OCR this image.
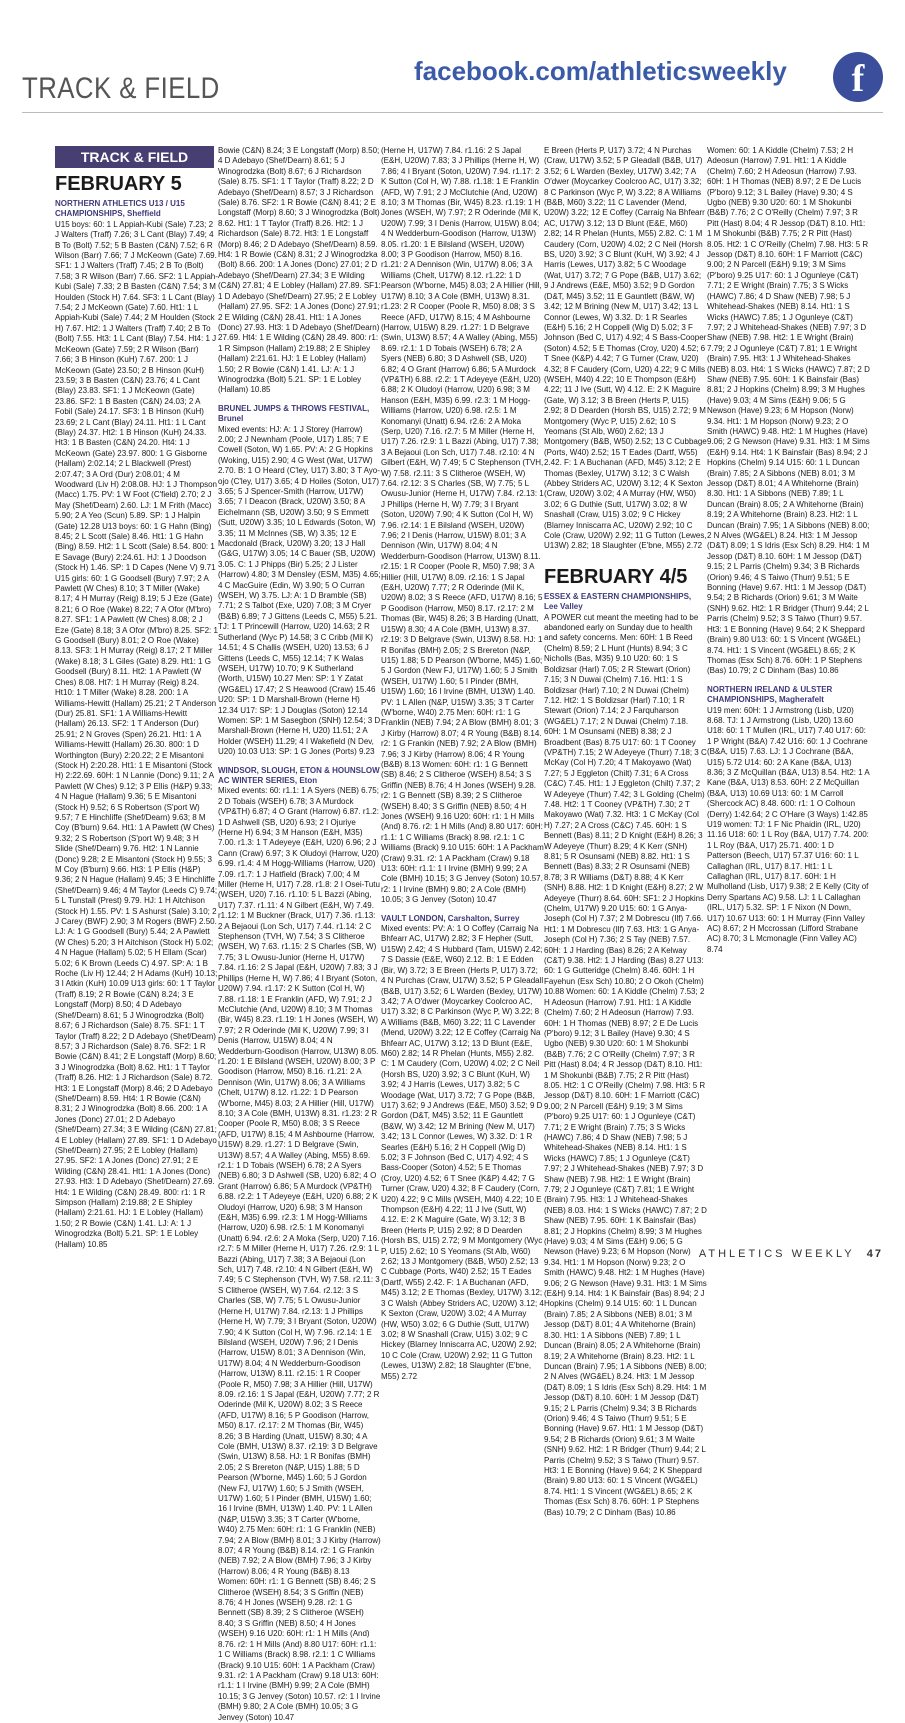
TRACK & FIELD
facebook.com/athleticsweekly	f
TRACK & FIELD
FEBRUARY 5
NORTHERN ATHLETICS U13 / U15 CHAMPIONSHIPS, Sheffield
U15 boys: 60: 1 L Appiah-Kubi (Sale) 7.23; 2 J Walters (Traff) 7.26; 3 L Cant (Blay) 7.49; 4 B To (Bolt) 7.52; 5 B Basten (C&N) 7.52; 6 R Wilson (Barr) 7.66; 7 J McKeown (Gate) 7.69. SF1: 1 J Walters (Traff) 7.45; 2 B To (Bolt) 7.58; 3 R Wilson (Barr) 7.66. SF2: 1 L Appiah-Kubi (Sale) 7.33; 2 B Basten (C&N) 7.54; 3 M Houlden (Stock H) 7.64. SF3: 1 L Cant (Blay) 7.54; 2 J McKeown (Gate) 7.60. Ht1: 1 L Appiah-Kubi (Sale) 7.44; 2 M Houlden (Stock H) 7.67. Ht2: 1 J Walters (Traff) 7.40; 2 B To (Bolt) 7.55. Ht3: 1 L Cant (Blay) 7.54. Ht4: 1 J McKeown (Gate) 7.59; 2 R Wilson (Barr) 7.66; 3 B Hinson (KuH) 7.67. 200: 1 J McKeown (Gate) 23.50; 2 B Hinson (KuH) 23.59; 3 B Basten (C&N) 23.76; 4 L Cant (Blay) 23.83. SF1: 1 J McKeown (Gate) 23.86. SF2: 1 B Basten (C&N) 24.03; 2 A Fobil (Sale) 24.17. SF3: 1 B Hinson (KuH) 23.69; 2 L Cant (Blay) 24.11. Ht1: 1 L Cant (Blay) 24.37. Ht2: 1 B Hinson (KuH) 24.33. Ht3: 1 B Basten (C&N) 24.20. Ht4: 1 J McKeown (Gate) 23.97. 800: 1 G Gisborne (Hallam) 2:02.14; 2 L Blackwell (Prest) 2:07.47; 3 A Ord (Dur) 2:08.01; 4 M Woodward (Liv H) 2:08.08. HJ: 1 J Thompson (Macc) 1.75. PV: 1 W Foot (C'field) 2.70; 2 J May (Shef/Dearn) 2.60. LJ: 1 M Frith (Macc) 5.90; 2 A Yeo (Scun) 5.89. SP: 1 J Halpin (Gate) 12.28 U13 boys: 60: 1 G Hahn (Bing) 8.45; 2 L Scott (Sale) 8.46. Ht1: 1 G Hahn (Bing) 8.59. Ht2: 1 L Scott (Sale) 8.54. 800: 1 E Savage (Bury) 2:24.61. HJ: 1 J Doodson (Stock H) 1.46. SP: 1 D Capes (Nene V) 9.71 U15 girls: 60: 1 G Goodsell (Bury) 7.97; 2 A Pawlett (W Ches) 8.10; 3 T Miller (Wake) 8.17; 4 H Murray (Reig) 8.19; 5 J Eze (Gate) 8.21; 6 O Roe (Wake) 8.22; 7 A Ofor (M'bro) 8.27. SF1: 1 A Pawlett (W Ches) 8.08; 2 J Eze (Gate) 8.18; 3 A Ofor (M'bro) 8.25. SF2: 1 G Goodsell (Bury) 8.01; 2 O Roe (Wake) 8.13. SF3: 1 H Murray (Reig) 8.17; 2 T Miller (Wake) 8.18; 3 L Giles (Gate) 8.29. Ht1: 1 G Goodsell (Bury) 8.11. Ht2: 1 A Pawlett (W Ches) 8.08. Ht7: 1 H Murray (Reig) 8.24. Ht10: 1 T Miller (Wake) 8.28. 200: 1 A Williams-Hewitt (Hallam) 25.21; 2 T Anderson (Dur) 25.81. SF1: 1 A Williams-Hewitt (Hallam) 26.13. SF2: 1 T Anderson (Dur) 25.91; 2 N Groves (Spen) 26.21. Ht1: 1 A Williams-Hewitt (Hallam) 26.30. 800: 1 D Worthington (Bury) 2:20.22; 2 E Misantoni (Stock H) 2:20.28. Ht1: 1 E Misantoni (Stock H) 2:22.69. 60H: 1 N Lannie (Donc) 9.11; 2 A Pawlett (W Ches) 9.12; 3 P Ellis (H&P) 9.33; 4 N Hague (Hallam) 9.36; 5 E Misantoni (Stock H) 9.52; 6 S Robertson (S'port W) 9.57; 7 E Hinchliffe (Shef/Dearn) 9.63; 8 M Coy (B'burn) 9.64. Ht1: 1 A Pawlett (W Ches) 9.32; 2 S Robertson (S'port W) 9.48; 3 H Slide (Shef/Dearn) 9.76. Ht2: 1 N Lannie (Donc) 9.28; 2 E Misantoni (Stock H) 9.55; 3 M Coy (B'burn) 9.66. Ht3: 1 P Ellis (H&P) 9.36; 2 N Hague (Hallam) 9.45; 3 E Hinchliffe (Shef/Dearn) 9.46; 4 M Taylor (Leeds C) 9.74; 5 L Tunstall (Prest) 9.79. HJ: 1 H Aitchison (Stock H) 1.55. PV: 1 S Ashurst (Sale) 3.10; 2 J Carey (BWF) 2.90; 3 M Rogers (BWF) 2.50. LJ: A: 1 G Goodsell (Bury) 5.44; 2 A Pawlett (W Ches) 5.20; 3 H Aitchison (Stock H) 5.02; 4 N Hague (Hallam) 5.02; 5 H Ellam (Scar) 5.02; 6 K Brown (Leeds C) 4.97. SP: A: 1 B Roche (Liv H) 12.44; 2 H Adams (KuH) 10.13; 3 I Atkin (KuH) 10.09 U13 girls: 60: 1 T Taylor (Traff) 8.19; 2 R Bowie (C&N) 8.24; 3 E Longstaff (Morp) 8.50; 4 D Adebayo (Shef/Dearn) 8.61; 5 J Winogrodzka (Bolt) 8.67; 6 J Richardson (Sale) 8.75. SF1: 1 T Taylor (Traff) 8.22; 2 D Adebayo (Shef/Dearn) 8.57; 3 J Richardson (Sale) 8.76. SF2: 1 R Bowie (C&N) 8.41; 2 E Longstaff (Morp) 8.60; 3 J Winogrodzka (Bolt) 8.62. Ht1: 1 T Taylor (Traff) 8.26. Ht2: 1 J Richardson (Sale) 8.72. Ht3: 1 E Longstaff (Morp) 8.46; 2 D Adebayo (Shef/Dearn) 8.59. Ht4: 1 R Bowie (C&N) 8.31; 2 J Winogrodzka (Bolt) 8.66. 200: 1 A Jones (Donc) 27.01; 2 D Adebayo (Shef/Dearn) 27.34; 3 E Wilding (C&N) 27.81; 4 E Lobley (Hallam) 27.89. SF1: 1 D Adebayo (Shef/Dearn) 27.95; 2 E Lobley (Hallam) 27.95. SF2: 1 A Jones (Donc) 27.91; 2 E Wilding (C&N) 28.41. Ht1: 1 A Jones (Donc) 27.93. Ht3: 1 D Adebayo (Shef/Dearn) 27.69. Ht4: 1 E Wilding (C&N) 28.49. 800: r1: 1 R Simpson (Hallam) 2:19.88; 2 E Shipley (Hallam) 2:21.61. HJ: 1 E Lobley (Hallam) 1.50; 2 R Bowie (C&N) 1.41. LJ: A: 1 J Winogrodzka (Bolt) 5.21. SP: 1 E Lobley (Hallam) 10.85
Bowie (C&N) 8.24; 3 E Longstaff (Morp) 8.50; 4 D Adebayo (Shef/Dearn) 8.61; 5 J Winogrodzka (Bolt) 8.67; 6 J Richardson (Sale) 8.75. SF1: 1 T Taylor (Traff) 8.22; 2 D Adebayo (Shef/Dearn) 8.57; 3 J Richardson (Sale) 8.76. SF2: 1 R Bowie (C&N) 8.41; 2 E Longstaff (Morp) 8.60; 3 J Winogrodzka (Bolt) 8.62. Ht1: 1 T Taylor (Traff) 8.26. Ht2: 1 J Richardson (Sale) 8.72. Ht3: 1 E Longstaff (Morp) 8.46; 2 D Adebayo (Shef/Dearn) 8.59. Ht4: 1 R Bowie (C&N) 8.31; 2 J Winogrodzka (Bolt) 8.66. 200: 1 A Jones (Donc) 27.01; 2 D Adebayo (Shef/Dearn) 27.34; 3 E Wilding (C&N) 27.81; 4 E Lobley (Hallam) 27.89. SF1: 1 D Adebayo (Shef/Dearn) 27.95; 2 E Lobley (Hallam) 27.95. SF2: 1 A Jones (Donc) 27.91; 2 E Wilding (C&N) 28.41. Ht1: 1 A Jones (Donc) 27.93. Ht3: 1 D Adebayo (Shef/Dearn) 27.69. Ht4: 1 E Wilding (C&N) 28.49. 800: r1: 1 R Simpson (Hallam) 2:19.88; 2 E Shipley (Hallam) 2:21.61. HJ: 1 E Lobley (Hallam) 1.50; 2 R Bowie (C&N) 1.41. LJ: A: 1 J Winogrodzka (Bolt) 5.21. SP: 1 E Lobley (Hallam) 10.85
BRUNEL JUMPS & THROWS FESTIVAL, Brunel
Mixed events: HJ: A: 1 J Storey (Harrow) 2.00; 2 J Newnham (Poole, U17) 1.85; 7 E Cowell (Soton, W) 1.65. PV: A: 2 G Hopkins (Woking, U15) 2.90; 4 G West (Wat, U17W) 2.70. B: 1 O Heard (C'ley, U17) 3.80; 3 T Ayo-ojo (C'ley, U17) 3.65; 4 D Hoiles (Soton, U17) 3.65; 5 J Spencer-Smith (Harrow, U17W) 3.65; 7 I Deacon (Brack, U20W) 3.50; 8 A Eichelmann (SB, U20W) 3.50; 9 S Emmett (Sutt, U20W) 3.35; 10 L Edwards (Soton, W) 3.35; 11 M McInnes (SB, W) 3.35; 12 E Macdonald (Brack, U20W) 3.20; 13 J Hall (G&G, U17W) 3.05; 14 C Bauer (SB, U20W) 3.05. C: 1 J Phipps (Bir) 5.25; 2 J Lister (Harrow) 4.80; 3 M Densley (ESM, M35) 4.65; 4 C MacGuire (Edin, W) 3.90; 5 O Curran (WSEH, W) 3.75. LJ: A: 1 D Bramble (SB) 7.71; 2 S Talbot (Exe, U20) 7.08; 3 M Cryer (B&B) 6.89; 7 J Gittens (Leeds C, M55) 5.21. TJ: 1 T Princewill (Harrow, U20) 14.63; 2 R Sutherland (Wyc P) 14.58; 3 C Cribb (Mil K) 14.51; 4 S Challis (WSEH, U20) 13.53; 6 J Gittens (Leeds C, M55) 12.14; 7 K Walas (WSEH, U17W) 10.70; 9 K Sutherland (Worth, U15W) 10.27 Men: SP: 1 Y Zatat (WG&EL) 17.47; 2 S Heawood (Craw) 15.46 U20: SP: 1 D Marshall-Brown (Herne H) 12.34 U17: SP: 1 J Douglas (Soton) 12.14 Women: SP: 1 M Sasegbon (SNH) 12.54; 3 D Marshall-Brown (Herne H, U20) 11.51; 2 A Holder (WSEH) 11.29; 4 I Wakefield (N Dev, U20) 10.03 U13: SP: 1 G Jones (Ports) 9.23
WINDSOR, SLOUGH, ETON & HOUNSLOW AC WINTER SERIES, Eton
Mixed events: 60: r1.1: 1 A Syers (NEB) 6.75; 2 D Tobais (WSEH) 6.78; 3 A Murdock (VP&TH) 6.87; 4 O Grant (Harrow) 6.87. r1.2: 1 D Ashwell (SB, U20) 6.93; 2 I Ojuriye (Herne H) 6.94; 3 M Hanson (E&H, M35) 7.00. r1.3: 1 T Adeyeye (E&H, U20) 6.96; 2 J Cann (Craw) 6.97; 3 K Oludoyi (Harrow, U20) 6.99. r1.4: 4 M Hogg-Williams (Harrow, U20) 7.09. r1.7: 1 J Hatfield (Brack) 7.00; 4 M Miller (Herne H, U17) 7.28. r1.8: 2 I Osei-Tutu (WSEH, U20) 7.16. r1.10: 5 L Bazzi (Abing, U17) 7.37. r1.11: 4 N Gilbert (E&H, W) 7.49. r1.12: 1 M Buckner (Brack, U17) 7.36. r1.13: 2 A Bejaoui (Lon Sch, U17) 7.44. r1.14: 2 C Stephenson (TVH, W) 7.54; 3 S Clitheroe (WSEH, W) 7.63. r1.15: 2 S Charles (SB, W) 7.75; 3 L Owusu-Junior (Herne H, U17W) 7.84. r1.16: 2 S Japal (E&H, U20W) 7.83; 3 J Phillips (Herne H, W) 7.86; 4 I Bryant (Soton, U20W) 7.94. r1.17: 2 K Sutton (Col H, W) 7.88. r1.18: 1 E Franklin (AFD, W) 7.91; 2 J McClutchie (And, U20W) 8.10; 3 M Thomas (Bir, W45) 8.23. r1.19: 1 H Jones (WSEH, W) 7.97; 2 R Oderinde (Mil K, U20W) 7.99; 3 I Denis (Harrow, U15W) 8.04; 4 N Wedderburn-Goodison (Harrow, U13W) 8.05. r1.20: 1 E Bilsland (WSEH, U20W) 8.00; 3 P Goodison (Harrow, M50) 8.16. r1.21: 2 A Dennison (Win, U17W) 8.06; 3 A Williams (Chelt, U17W) 8.12. r1.22: 1 D Pearson (W'borne, M45) 8.03; 2 A Hillier (Hill, U17W) 8.10; 3 A Cole (BMH, U13W) 8.31. r1.23: 2 R Cooper (Poole R, M50) 8.08; 3 S Reece (AFD, U17W) 8.15; 4 M Ashbourne (Harrow, U15W) 8.29. r1.27: 1 D Belgrave (Swin, U13W) 8.57; 4 A Walley (Abing, M55) 8.69. r2.1: 1 D Tobais (WSEH) 6.78; 2 A Syers (NEB) 6.80; 3 D Ashwell (SB, U20) 6.82; 4 O Grant (Harrow) 6.86; 5 A Murdock (VP&TH) 6.88. r2.2: 1 T Adeyeye (E&H, U20) 6.88; 2 K Oludoyi (Harrow, U20) 6.98; 3 M Hanson (E&H, M35) 6.99. r2.3: 1 M Hogg-Williams (Harrow, U20) 6.98. r2.5: 1 M Konomanyi (Unatt) 6.94. r2.6: 2 A Moka (Serp, U20) 7.16. r2.7: 5 M Miller (Herne H, U17) 7.26. r2.9: 1 L Bazzi (Abing, U17) 7.38; 3 A Bejaoui (Lon Sch, U17) 7.48. r2.10: 4 N Gilbert (E&H, W) 7.49; 5 C Stephenson (TVH, W) 7.58. r2.11: 3 S Clitheroe (WSEH, W) 7.64. r2.12: 3 S Charles (SB, W) 7.75; 5 L Owusu-Junior (Herne H, U17W) 7.84. r2.13: 1 J Phillips (Herne H, W) 7.79; 3 I Bryant (Soton, U20W) 7.90; 4 K Sutton (Col H, W) 7.96. r2.14: 1 E Bilsland (WSEH, U20W) 7.96; 2 I Denis (Harrow, U15W) 8.01; 3 A Dennison (Win, U17W) 8.04; 4 N Wedderburn-Goodison (Harrow, U13W) 8.11. r2.15: 1 R Cooper (Poole R, M50) 7.98; 3 A Hillier (Hill, U17W) 8.09. r2.16: 1 S Japal (E&H, U20W) 7.77; 2 R Oderinde (Mil K, U20W) 8.02; 3 S Reece (AFD, U17W) 8.16; 5 P Goodison (Harrow, M50) 8.17. r2.17: 2 M Thomas (Bir, W45) 8.26; 3 B Harding (Unatt, U15W) 8.30; 4 A Cole (BMH, U13W) 8.37. r2.19: 3 D Belgrave (Swin, U13W) 8.58. HJ: 1 R Bonifas (BMH) 2.05; 2 S Brereton (N&P, U15) 1.88; 5 D Pearson (W'borne, M45) 1.60; 5 J Gordon (New FJ, U17W) 1.60; 5 J Smith (WSEH, U17W) 1.60; 5 I Pinder (BMH, U15W) 1.60; 16 I Irvine (BMH, U13W) 1.40. PV: 1 L Allen (N&P, U15W) 3.35; 3 T Carter (W'borne, W40) 2.75 Men: 60H: r1: 1 G Franklin (NEB) 7.94; 2 A Blow (BMH) 8.01; 3 J Kirby (Harrow) 8.07; 4 R Young (B&B) 8.14. r2: 1 G Frankin (NEB) 7.92; 2 A Blow (BMH) 7.96; 3 J Kirby (Harrow) 8.06; 4 R Young (B&B) 8.13 Women: 60H: r1: 1 G Bennett (SB) 8.46; 2 S Clitheroe (WSEH) 8.54; 3 S Griffin (NEB) 8.76; 4 H Jones (WSEH) 9.28. r2: 1 G Bennett (SB) 8.39; 2 S Clitheroe (WSEH) 8.40; 3 S Griffin (NEB) 8.50; 4 H Jones (WSEH) 9.16 U20: 60H: r1: 1 H Mills (And) 8.76. r2: 1 H Mills (And) 8.80 U17: 60H: r1.1: 1 C Williams (Brack) 8.98. r2.1: 1 C Williams (Brack) 9.10 U15: 60H: 1 A Packham (Craw) 9.31. r2: 1 A Packham (Craw) 9.18 U13: 60H: r1.1: 1 I Irvine (BMH) 9.99; 2 A Cole (BMH) 10.15; 3 G Jenvey (Soton) 10.57. r2: 1 I Irvine (BMH) 9.80; 2 A Cole (BMH) 10.05; 3 G Jenvey (Soton) 10.47
(Herne H, U17W) 7.84. r1.16: 2 S Japal (E&H, U20W) 7.83; 3 J Phillips (Herne H, W) 7.86; 4 I Bryant (Soton, U20W) 7.94. r1.17: 2 K Sutton (Col H, W) 7.88. r1.18: 1 E Franklin (AFD, W) 7.91; 2 J McClutchie (And, U20W) 8.10; 3 M Thomas (Bir, W45) 8.23. r1.19: 1 H Jones (WSEH, W) 7.97; 2 R Oderinde (Mil K, U20W) 7.99; 3 I Denis (Harrow, U15W) 8.04; 4 N Wedderburn-Goodison (Harrow, U13W) 8.05. r1.20: 1 E Bilsland (WSEH, U20W) 8.00; 3 P Goodison (Harrow, M50) 8.16. r1.21: 2 A Dennison (Win, U17W) 8.06; 3 A Williams (Chelt, U17W) 8.12. r1.22: 1 D Pearson (W'borne, M45) 8.03; 2 A Hillier (Hill, U17W) 8.10; 3 A Cole (BMH, U13W) 8.31. r1.23: 2 R Cooper (Poole R, M50) 8.08; 3 S Reece (AFD, U17W) 8.15; 4 M Ashbourne (Harrow, U15W) 8.29. r1.27: 1 D Belgrave (Swin, U13W) 8.57; 4 A Walley (Abing, M55) 8.69. r2.1: 1 D Tobais (WSEH) 6.78; 2 A Syers (NEB) 6.80; 3 D Ashwell (SB, U20) 6.82; 4 O Grant (Harrow) 6.86; 5 A Murdock (VP&TH) 6.88. r2.2: 1 T Adeyeye (E&H, U20) 6.88; 2 K Oludoyi (Harrow, U20) 6.98; 3 M Hanson (E&H, M35) 6.99. r2.3: 1 M Hogg-Williams (Harrow, U20) 6.98. r2.5: 1 M Konomanyi (Unatt) 6.94. r2.6: 2 A Moka (Serp, U20) 7.16. r2.7: 5 M Miller (Herne H, U17) 7.26. r2.9: 1 L Bazzi (Abing, U17) 7.38; 3 A Bejaoui (Lon Sch, U17) 7.48. r2.10: 4 N Gilbert (E&H, W) 7.49; 5 C Stephenson (TVH, W) 7.58. r2.11: 3 S Clitheroe (WSEH, W) 7.64. r2.12: 3 S Charles (SB, W) 7.75; 5 L Owusu-Junior (Herne H, U17W) 7.84. r2.13: 1 J Phillips (Herne H, W) 7.79; 3 I Bryant (Soton, U20W) 7.90; 4 K Sutton (Col H, W) 7.96. r2.14: 1 E Bilsland (WSEH, U20W) 7.96; 2 I Denis (Harrow, U15W) 8.01; 3 A Dennison (Win, U17W) 8.04; 4 N Wedderburn-Goodison (Harrow, U13W) 8.11. r2.15: 1 R Cooper (Poole R, M50) 7.98; 3 A Hillier (Hill, U17W) 8.09. r2.16: 1 S Japal (E&H, U20W) 7.77; 2 R Oderinde (Mil K, U20W) 8.02; 3 S Reece (AFD, U17W) 8.16; 5 P Goodison (Harrow, M50) 8.17. r2.17: 2 M Thomas (Bir, W45) 8.26; 3 B Harding (Unatt, U15W) 8.30; 4 A Cole (BMH, U13W) 8.37. r2.19: 3 D Belgrave (Swin, U13W) 8.58. HJ: 1 R Bonifas (BMH) 2.05; 2 S Brereton (N&P, U15) 1.88; 5 D Pearson (W'borne, M45) 1.60; 5 J Gordon (New FJ, U17W) 1.60; 5 J Smith (WSEH, U17W) 1.60; 5 I Pinder (BMH, U15W) 1.60; 16 I Irvine (BMH, U13W) 1.40. PV: 1 L Allen (N&P, U15W) 3.35; 3 T Carter (W'borne, W40) 2.75 Men: 60H: r1: 1 G Franklin (NEB) 7.94; 2 A Blow (BMH) 8.01; 3 J Kirby (Harrow) 8.07; 4 R Young (B&B) 8.14. r2: 1 G Frankin (NEB) 7.92; 2 A Blow (BMH) 7.96; 3 J Kirby (Harrow) 8.06; 4 R Young (B&B) 8.13 Women: 60H: r1: 1 G Bennett (SB) 8.46; 2 S Clitheroe (WSEH) 8.54; 3 S Griffin (NEB) 8.76; 4 H Jones (WSEH) 9.28. r2: 1 G Bennett (SB) 8.39; 2 S Clitheroe (WSEH) 8.40; 3 S Griffin (NEB) 8.50; 4 H Jones (WSEH) 9.16 U20: 60H: r1: 1 H Mills (And) 8.76. r2: 1 H Mills (And) 8.80 U17: 60H: r1.1: 1 C Williams (Brack) 8.98. r2.1: 1 C Williams (Brack) 9.10 U15: 60H: 1 A Packham (Craw) 9.31. r2: 1 A Packham (Craw) 9.18 U13: 60H: r1.1: 1 I Irvine (BMH) 9.99; 2 A Cole (BMH) 10.15; 3 G Jenvey (Soton) 10.57. r2: 1 I Irvine (BMH) 9.80; 2 A Cole (BMH) 10.05; 3 G Jenvey (Soton) 10.47
VAULT LONDON, Carshalton, Surrey
Mixed events: PV: A: 1 O Coffey (Carraig Na Bhfearr AC, U17W) 2.82; 3 F Hepher (Sutt, U15W) 2.42; 4 S Hubbard (Tam, U15W) 2.42; 7 S Dassie (E&E, W60) 2.12. B: 1 E Edden (Bir, W) 3.72; 3 E Breen (Herts P, U17) 3.72; 4 N Purchas (Craw, U17W) 3.52; 5 P Gleadall (B&B, U17) 3.52; 6 L Warden (Bexley, U17W) 3.42; 7 A O'dwer (Moycarkey Coolcroo AC, U17) 3.32; 8 C Parkinson (Wyc P, W) 3.22; 8 A Williams (B&B, M60) 3.22; 11 C Lavender (Mend, U20W) 3.22; 12 E Coffey (Carraig Na Bhfearr AC, U17W) 3.12; 13 D Blunt (E&E, M60) 2.82; 14 R Phelan (Hunts, M55) 2.82. C: 1 M Caudery (Corn, U20W) 4.02; 2 C Neil (Horsh BS, U20) 3.92; 3 C Blunt (KuH, W) 3.92; 4 J Harris (Lewes, U17) 3.82; 5 C Woodage (Wat, U17) 3.72; 7 G Pope (B&B, U17) 3.62; 9 J Andrews (E&E, M50) 3.52; 9 D Gordon (D&T, M45) 3.52; 11 E Gauntlett (B&W, W) 3.42; 12 M Brining (New M, U17) 3.42; 13 L Connor (Lewes, W) 3.32. D: 1 R Searles (E&H) 5.16; 2 H Coppell (Wig D) 5.02; 3 F Johnson (Bed C, U17) 4.92; 4 S Bass-Cooper (Soton) 4.52; 5 E Thomas (Croy, U20) 4.52; 6 T Snee (K&P) 4.42; 7 G Turner (Craw, U20) 4.32; 8 F Caudery (Corn, U20) 4.22; 9 C Mills (WSEH, M40) 4.22; 10 E Thompson (E&H) 4.22; 11 J Ive (Sutt, W) 4.12. E: 2 K Maguire (Gate, W) 3.12; 3 B Breen (Herts P, U15) 2.92; 8 D Dearden (Horsh BS, U15) 2.72; 9 M Montgomery (Wyc P, U15) 2.62; 10 S Yeomans (St Alb, W60) 2.62; 13 J Montgomery (B&B, W50) 2.52; 13 C Cubbage (Ports, W40) 2.52; 15 T Eades (Dartf, W55) 2.42. F: 1 A Buchanan (AFD, M45) 3.12; 2 E Thomas (Bexley, U17W) 3.12; 3 C Walsh (Abbey Striders AC, U20W) 3.12; 4 K Sexton (Craw, U20W) 3.02; 4 A Murray (HW, W50) 3.02; 6 G Duthie (Sutt, U17W) 3.02; 8 W Snashall (Craw, U15) 3.02; 9 C Hickey (Blarney Inniscarra AC, U20W) 2.92; 10 C Cole (Craw, U20W) 2.92; 11 G Tutton (Lewes, U13W) 2.82; 18 Slaughter (E'bne, M55) 2.72
E Breen (Herts P, U17) 3.72; 4 N Purchas (Craw, U17W) 3.52; 5 P Gleadall (B&B, U17) 3.52; 6 L Warden (Bexley, U17W) 3.42; 7 A O'dwer (Moycarkey Coolcroo AC, U17) 3.32; 8 C Parkinson (Wyc P, W) 3.22; 8 A Williams (B&B, M60) 3.22; 11 C Lavender (Mend, U20W) 3.22; 12 E Coffey (Carraig Na Bhfearr AC, U17W) 3.12; 13 D Blunt (E&E, M60) 2.82; 14 R Phelan (Hunts, M55) 2.82. C: 1 M Caudery (Corn, U20W) 4.02; 2 C Neil (Horsh BS, U20) 3.92; 3 C Blunt (KuH, W) 3.92; 4 J Harris (Lewes, U17) 3.82; 5 C Woodage (Wat, U17) 3.72; 7 G Pope (B&B, U17) 3.62; 9 J Andrews (E&E, M50) 3.52; 9 D Gordon (D&T, M45) 3.52; 11 E Gauntlett (B&W, W) 3.42; 12 M Brining (New M, U17) 3.42; 13 L Connor (Lewes, W) 3.32. D: 1 R Searles (E&H) 5.16; 2 H Coppell (Wig D) 5.02; 3 F Johnson (Bed C, U17) 4.92; 4 S Bass-Cooper (Soton) 4.52; 5 E Thomas (Croy, U20) 4.52; 6 T Snee (K&P) 4.42; 7 G Turner (Craw, U20) 4.32; 8 F Caudery (Corn, U20) 4.22; 9 C Mills (WSEH, M40) 4.22; 10 E Thompson (E&H) 4.22; 11 J Ive (Sutt, W) 4.12. E: 2 K Maguire (Gate, W) 3.12; 3 B Breen (Herts P, U15) 2.92; 8 D Dearden (Horsh BS, U15) 2.72; 9 M Montgomery (Wyc P, U15) 2.62; 10 S Yeomans (St Alb, W60) 2.62; 13 J Montgomery (B&B, W50) 2.52; 13 C Cubbage (Ports, W40) 2.52; 15 T Eades (Dartf, W55) 2.42. F: 1 A Buchanan (AFD, M45) 3.12; 2 E Thomas (Bexley, U17W) 3.12; 3 C Walsh (Abbey Striders AC, U20W) 3.12; 4 K Sexton (Craw, U20W) 3.02; 4 A Murray (HW, W50) 3.02; 6 G Duthie (Sutt, U17W) 3.02; 8 W Snashall (Craw, U15) 3.02; 9 C Hickey (Blarney Inniscarra AC, U20W) 2.92; 10 C Cole (Craw, U20W) 2.92; 11 G Tutton (Lewes, U13W) 2.82; 18 Slaughter (E'bne, M55) 2.72
FEBRUARY 4/5
ESSEX & EASTERN CHAMPIONSHIPS, Lee Valley
A POWER cut meant the meeting had to be abandoned early on Sunday due to health and safety concerns. Men: 60H: 1 B Reed (Chelm) 8.59; 2 L Hunt (Hunts) 8.94; 3 C Nicholls (Bas, M35) 9.10 U20: 60: 1 S Boldizsar (Harl) 7.05; 2 R Stewart (Orion) 7.15; 3 N Duwai (Chelm) 7.16. Ht1: 1 S Boldizsar (Harl) 7.10; 2 N Duwai (Chelm) 7.12. Ht2: 1 S Boldizsar (Harl) 7.10; 1 R Stewart (Orion) 7.14; 2 J Farquharson (WG&EL) 7.17; 2 N Duwai (Chelm) 7.18. 60H: 1 M Osunsami (NEB) 8.38; 2 J Broadbent (Bas) 8.75 U17: 60: 1 T Cooney (VP&TH) 7.15; 2 W Adeyeye (Thurr) 7.18; 3 C McKay (Col H) 7.20; 4 T Makoyawo (Wat) 7.27; 5 J Eggleton (Chilt) 7.31; 6 A Cross (C&C) 7.45. Ht1: 1 J Eggleton (Chilt) 7.37; 2 W Adeyeye (Thurr) 7.42; 3 L Golding (Chelm) 7.48. Ht2: 1 T Cooney (VP&TH) 7.30; 2 T Makoyawo (Wat) 7.32. Ht3: 1 C McKay (Col H) 7.27; 2 A Cross (C&C) 7.45. 60H: 1 S Bennett (Bas) 8.11; 2 D Knight (E&H) 8.26; 3 W Adeyeye (Thurr) 8.29; 4 K Kerr (SNH) 8.81; 5 R Osunsami (NEB) 8.82. Ht1: 1 S Bennett (Bas) 8.33; 2 R Osunsami (NEB) 8.78; 3 R Williams (D&T) 8.88; 4 K Kerr (SNH) 8.88. Ht2: 1 D Knight (E&H) 8.27; 2 W Adeyeye (Thurr) 8.64. 60H: SF1: 2 J Hopkins (Chelm, U17W) 9.20 U15: 60: 1 G Anya-Joseph (Col H) 7.37; 2 M Dobrescu (Ilf) 7.66. Ht1: 1 M Dobrescu (Ilf) 7.63. Ht3: 1 G Anya-Joseph (Col H) 7.36; 2 S Tay (NEB) 7.57. 60H: 1 J Harding (Bas) 8.26; 2 A Kelway (C&T) 9.38. Ht2: 1 J Harding (Bas) 8.27 U13: 60: 1 G Gutteridge (Chelm) 8.46. 60H: 1 H Fayehun (Esx Sch) 10.80; 2 O Okoh (Chelm) 10.88 Women: 60: 1 A Kiddle (Chelm) 7.53; 2 H Adeosun (Harrow) 7.91. Ht1: 1 A Kiddle (Chelm) 7.60; 2 H Adeosun (Harrow) 7.93. 60H: 1 H Thomas (NEB) 8.97; 2 E De Lucis (P'boro) 9.12; 3 L Bailey (Have) 9.30; 4 S Ugbo (NEB) 9.30 U20: 60: 1 M Shokunbi (B&B) 7.76; 2 C O'Reilly (Chelm) 7.97; 3 R Pitt (Hast) 8.04; 4 R Jessop (D&T) 8.10. Ht1: 1 M Shokunbi (B&B) 7.75; 2 R Pitt (Hast) 8.05. Ht2: 1 C O'Reilly (Chelm) 7.98. Ht3: 5 R Jessop (D&T) 8.10. 60H: 1 F Marriott (C&C) 9.00; 2 N Parcell (E&H) 9.19; 3 M Sims (P'boro) 9.25 U17: 60: 1 J Ogunleye (C&T) 7.71; 2 E Wright (Brain) 7.75; 3 S Wicks (HAWC) 7.86; 4 D Shaw (NEB) 7.98; 5 J Whitehead-Shakes (NEB) 8.14. Ht1: 1 S Wicks (HAWC) 7.85; 1 J Ogunleye (C&T) 7.97; 2 J Whitehead-Shakes (NEB) 7.97; 3 D Shaw (NEB) 7.98. Ht2: 1 E Wright (Brain) 7.79; 2 J Ogunleye (C&T) 7.81; 1 E Wright (Brain) 7.95. Ht3: 1 J Whitehead-Shakes (NEB) 8.03. Ht4: 1 S Wicks (HAWC) 7.87; 2 D Shaw (NEB) 7.95. 60H: 1 K Bainsfair (Bas) 8.81; 2 J Hopkins (Chelm) 8.99; 3 M Hughes (Have) 9.03; 4 M Sims (E&H) 9.06; 5 G Newson (Have) 9.23; 6 M Hopson (Norw) 9.34. Ht1: 1 M Hopson (Norw) 9.23; 2 O Smith (HAWC) 9.48. Ht2: 1 M Hughes (Have) 9.06; 2 G Newson (Have) 9.31. Ht3: 1 M Sims (E&H) 9.14. Ht4: 1 K Bainsfair (Bas) 8.94; 2 J Hopkins (Chelm) 9.14 U15: 60: 1 L Duncan (Brain) 7.85; 2 A Sibbons (NEB) 8.01; 3 M Jessop (D&T) 8.01; 4 A Whitehorne (Brain) 8.30. Ht1: 1 A Sibbons (NEB) 7.89; 1 L Duncan (Brain) 8.05; 2 A Whitehorne (Brain) 8.19; 2 A Whitehorne (Brain) 8.23. Ht2: 1 L Duncan (Brain) 7.95; 1 A Sibbons (NEB) 8.00; 2 N Alves (WG&EL) 8.24. Ht3: 1 M Jessop (D&T) 8.09; 1 S Idris (Esx Sch) 8.29. Ht4: 1 M Jessop (D&T) 8.10. 60H: 1 M Jessop (D&T) 9.15; 2 L Parris (Chelm) 9.34; 3 B Richards (Orion) 9.46; 4 S Taiwo (Thurr) 9.51; 5 E Bonning (Have) 9.67. Ht1: 1 M Jessop (D&T) 9.54; 2 B Richards (Orion) 9.61; 3 M Waite (SNH) 9.62. Ht2: 1 R Bridger (Thurr) 9.44; 2 L Parris (Chelm) 9.52; 3 S Taiwo (Thurr) 9.57. Ht3: 1 E Bonning (Have) 9.64; 2 K Sheppard (Brain) 9.80 U13: 60: 1 S Vincent (WG&EL) 8.74. Ht1: 1 S Vincent (WG&EL) 8.65; 2 K Thomas (Esx Sch) 8.76. 60H: 1 P Stephens (Bas) 10.79; 2 C Dinham (Bas) 10.86
Women: 60: 1 A Kiddle (Chelm) 7.53; 2 H Adeosun (Harrow) 7.91. Ht1: 1 A Kiddle (Chelm) 7.60; 2 H Adeosun (Harrow) 7.93. 60H: 1 H Thomas (NEB) 8.97; 2 E De Lucis (P'boro) 9.12; 3 L Bailey (Have) 9.30; 4 S Ugbo (NEB) 9.30 U20: 60: 1 M Shokunbi (B&B) 7.76; 2 C O'Reilly (Chelm) 7.97; 3 R Pitt (Hast) 8.04; 4 R Jessop (D&T) 8.10. Ht1: 1 M Shokunbi (B&B) 7.75; 2 R Pitt (Hast) 8.05. Ht2: 1 C O'Reilly (Chelm) 7.98. Ht3: 5 R Jessop (D&T) 8.10. 60H: 1 F Marriott (C&C) 9.00; 2 N Parcell (E&H) 9.19; 3 M Sims (P'boro) 9.25 U17: 60: 1 J Ogunleye (C&T) 7.71; 2 E Wright (Brain) 7.75; 3 S Wicks (HAWC) 7.86; 4 D Shaw (NEB) 7.98; 5 J Whitehead-Shakes (NEB) 8.14. Ht1: 1 S Wicks (HAWC) 7.85; 1 J Ogunleye (C&T) 7.97; 2 J Whitehead-Shakes (NEB) 7.97; 3 D Shaw (NEB) 7.98. Ht2: 1 E Wright (Brain) 7.79; 2 J Ogunleye (C&T) 7.81; 1 E Wright (Brain) 7.95. Ht3: 1 J Whitehead-Shakes (NEB) 8.03. Ht4: 1 S Wicks (HAWC) 7.87; 2 D Shaw (NEB) 7.95. 60H: 1 K Bainsfair (Bas) 8.81; 2 J Hopkins (Chelm) 8.99; 3 M Hughes (Have) 9.03; 4 M Sims (E&H) 9.06; 5 G Newson (Have) 9.23; 6 M Hopson (Norw) 9.34. Ht1: 1 M Hopson (Norw) 9.23; 2 O Smith (HAWC) 9.48. Ht2: 1 M Hughes (Have) 9.06; 2 G Newson (Have) 9.31. Ht3: 1 M Sims (E&H) 9.14. Ht4: 1 K Bainsfair (Bas) 8.94; 2 J Hopkins (Chelm) 9.14 U15: 60: 1 L Duncan (Brain) 7.85; 2 A Sibbons (NEB) 8.01; 3 M Jessop (D&T) 8.01; 4 A Whitehorne (Brain) 8.30. Ht1: 1 A Sibbons (NEB) 7.89; 1 L Duncan (Brain) 8.05; 2 A Whitehorne (Brain) 8.19; 2 A Whitehorne (Brain) 8.23. Ht2: 1 L Duncan (Brain) 7.95; 1 A Sibbons (NEB) 8.00; 2 N Alves (WG&EL) 8.24. Ht3: 1 M Jessop (D&T) 8.09; 1 S Idris (Esx Sch) 8.29. Ht4: 1 M Jessop (D&T) 8.10. 60H: 1 M Jessop (D&T) 9.15; 2 L Parris (Chelm) 9.34; 3 B Richards (Orion) 9.46; 4 S Taiwo (Thurr) 9.51; 5 E Bonning (Have) 9.67. Ht1: 1 M Jessop (D&T) 9.54; 2 B Richards (Orion) 9.61; 3 M Waite (SNH) 9.62. Ht2: 1 R Bridger (Thurr) 9.44; 2 L Parris (Chelm) 9.52; 3 S Taiwo (Thurr) 9.57. Ht3: 1 E Bonning (Have) 9.64; 2 K Sheppard (Brain) 9.80 U13: 60: 1 S Vincent (WG&EL) 8.74. Ht1: 1 S Vincent (WG&EL) 8.65; 2 K Thomas (Esx Sch) 8.76. 60H: 1 P Stephens (Bas) 10.79; 2 C Dinham (Bas) 10.86
NORTHERN IRELAND & ULSTER CHAMPIONSHIPS, Magherafelt
U19 men: 60H: 1 J Armstrong (Lisb, U20) 8.68. TJ: 1 J Armstrong (Lisb, U20) 13.60 U18: 60: 1 T Mullen (IRL, U17) 7.40 U17: 60: 1 P Wright (B&A) 7.42 U16: 60: 1 J Cochrane (B&A, U15) 7.63. LJ: 1 J Cochrane (B&A, U15) 5.72 U14: 60: 2 A Kane (B&A, U13) 8.36; 3 Z McQuillan (B&A, U13) 8.54. Ht2: 1 A Kane (B&A, U13) 8.53. 60H: 2 Z McQuillan (B&A, U13) 10.69 U13: 60: 1 M Carroll (Shercock AC) 8.48. 600: r1: 1 O Colhoun (Derry) 1:42.64; 2 C O'Hare (3 Ways) 1:42.85 U19 women: TJ: 1 F Nic Phaidin (IRL, U20) 11.16 U18: 60: 1 L Roy (B&A, U17) 7.74. 200: 1 L Roy (B&A, U17) 25.71. 400: 1 D Patterson (Beech, U17) 57.37 U16: 60: 1 L Callaghan (IRL, U17) 8.17. Ht1: 1 L Callaghan (IRL, U17) 8.17. 60H: 1 H Mulholland (Lisb, U17) 9.38; 2 E Kelly (City of Derry Spartans AC) 9.58. LJ: 1 L Callaghan (IRL, U17) 5.32. SP: 1 F Nixon (N Down, U17) 10.67 U13: 60: 1 H Murray (Finn Valley AC) 8.67; 2 H Mccrossan (Lifford Strabane AC) 8.70; 3 L Mcmonagle (Finn Valley AC) 8.74
ATHLETICS WEEKLY 47
